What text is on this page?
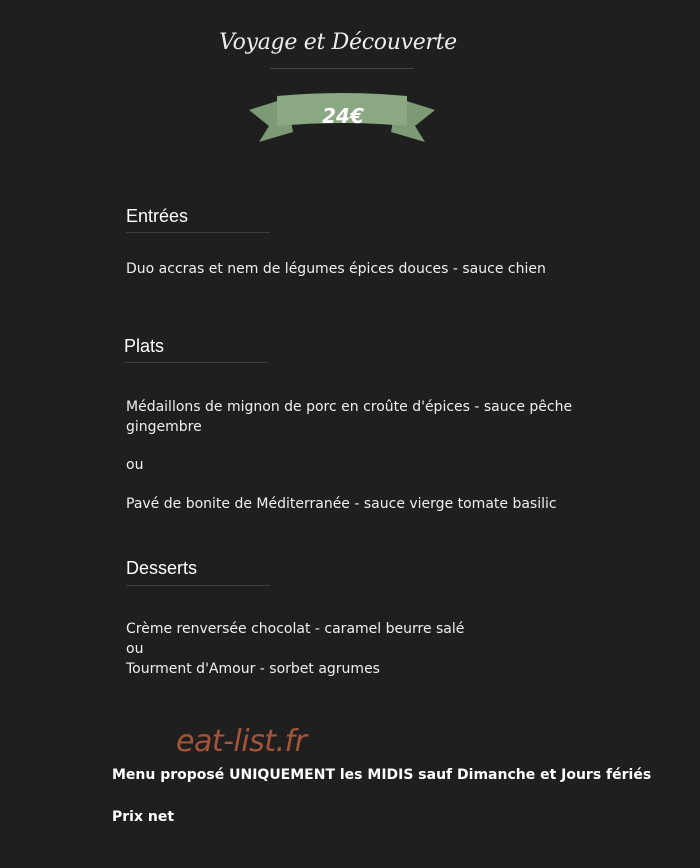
Voyage et Découverte
24€
Entrées
Duo accras et nem de légumes épices douces - sauce chien
Plats
Médaillons de mignon de porc en croûte d'épices - sauce pêche gingembre
ou
Pavé de bonite de Méditerranée - sauce vierge tomate basilic
Desserts
Crème renversée chocolat - caramel beurre salé
ou
Tourment d'Amour - sorbet agrumes
eat-list.fr
Menu proposé UNIQUEMENT les MIDIS sauf Dimanche et Jours fériés
Prix net
